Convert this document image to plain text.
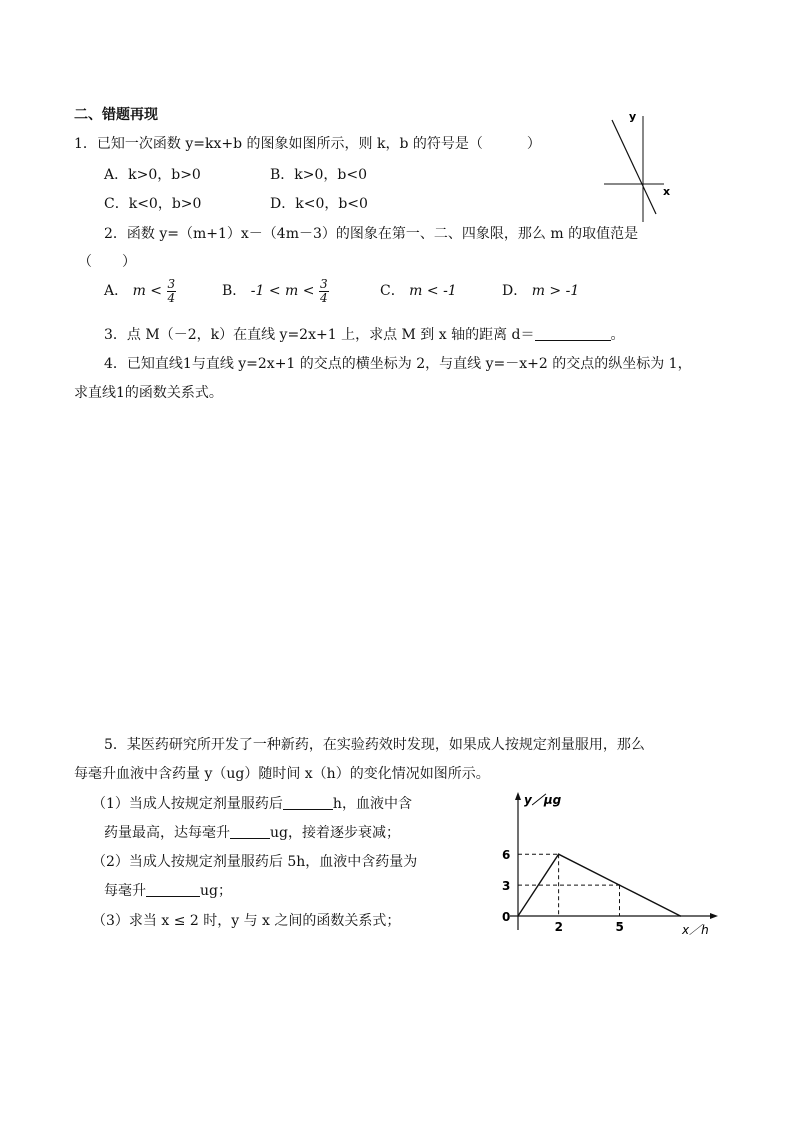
二、错题再现
1．已知一次函数 y=kx+b 的图象如图所示，则 k，b 的符号是（	）
A．k>0，b>0	B．k>0，b<0
C．k<0，b>0	D．k<0，b<0
y
x
2．函数 y=（m+1）x－（4m－3）的图象在第一、二、四象限，那么 m 的取值范是
（ ）
A． $m < \frac{3}{4}$	B． $-1 < m < \frac{3}{4}$	C． m < -1	D． m > -1
3．点 M（－2，k）在直线 y=2x+1 上，求点 M 到 x 轴的距离 d＝	。
4．已知直线1与直线 y=2x+1 的交点的横坐标为 2，与直线 y=－x+2 的交点的纵坐标为 1，
求直线1的函数关系式。
5．某医药研究所开发了一种新药，在实验药效时发现，如果成人按规定剂量服用，那么
每毫升血液中含药量 y（ug）随时间 x（h）的变化情况如图所示。
（1）当成人按规定剂量服药后	h，血液中含
药量最高，达每毫升	ug，接着逐步衰减；
（2）当成人按规定剂量服药后 5h，血液中含药量为
每毫升	ug；
（3）求当 x ≤ 2 时，y 与 x 之间的函数关系式；	2	5
6
3
0
y／μg
x／h
